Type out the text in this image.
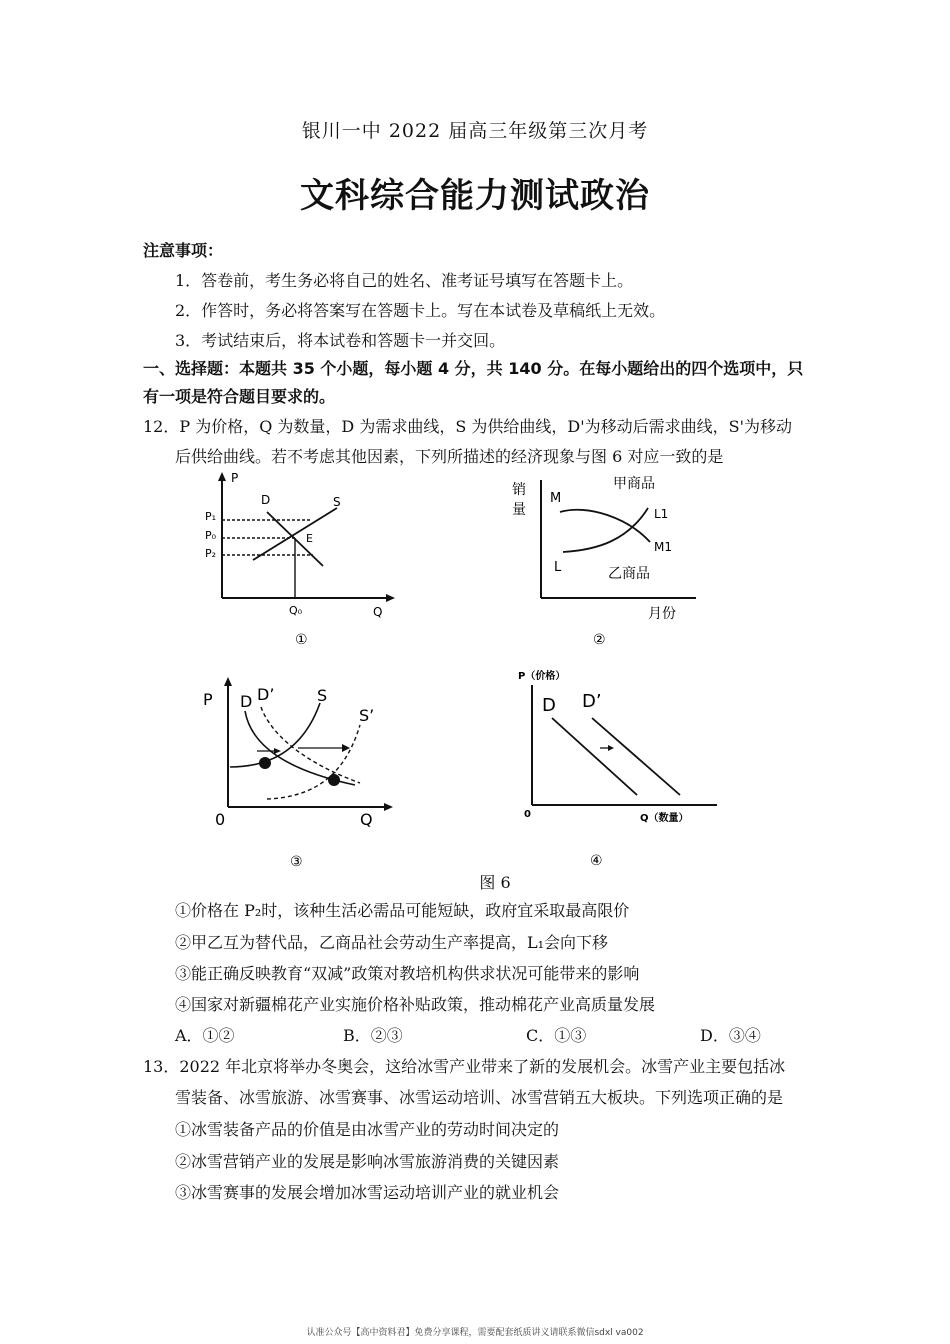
银川一中 2022 届高三年级第三次月考
文科综合能力测试政治
注意事项：
1．答卷前，考生务必将自己的姓名、准考证号填写在答题卡上。
2．作答时，务必将答案写在答题卡上。写在本试卷及草稿纸上无效。
3．考试结束后，将本试卷和答题卡一并交回。
一、选择题：本题共 35 个小题，每小题 4 分，共 140 分。在每小题给出的四个选项中，只
有一项是符合题目要求的。
12．P 为价格，Q 为数量，D 为需求曲线，S 为供给曲线，D'为移动后需求曲线，S'为移动
后供给曲线。若不考虑其他因素，下列所描述的经济现象与图 6 对应一致的是
P
Q
D	S
E
P₁
P₀
P₂
Q₀
①
销
量
月份
甲商品
乙商品
M
L
L1
M1
②
P
Q
0
D D’	S
S’
③
P（价格）
Q（数量）
0
D D’
④
图 6
①价格在 P₂时，该种生活必需品可能短缺，政府宜采取最高限价
②甲乙互为替代品，乙商品社会劳动生产率提高，L₁会向下移
③能正确反映教育“双减”政策对教培机构供求状况可能带来的影响
④国家对新疆棉花产业实施价格补贴政策，推动棉花产业高质量发展
A．①②	B．②③	C．①③	D．③④
13．2022 年北京将举办冬奥会，这给冰雪产业带来了新的发展机会。冰雪产业主要包括冰
雪装备、冰雪旅游、冰雪赛事、冰雪运动培训、冰雪营销五大板块。下列选项正确的是
①冰雪装备产品的价值是由冰雪产业的劳动时间决定的
②冰雪营销产业的发展是影响冰雪旅游消费的关键因素
③冰雪赛事的发展会增加冰雪运动培训产业的就业机会
认准公众号【高中资料君】免费分享课程，需要配套纸质讲义请联系微信sdxl va002
